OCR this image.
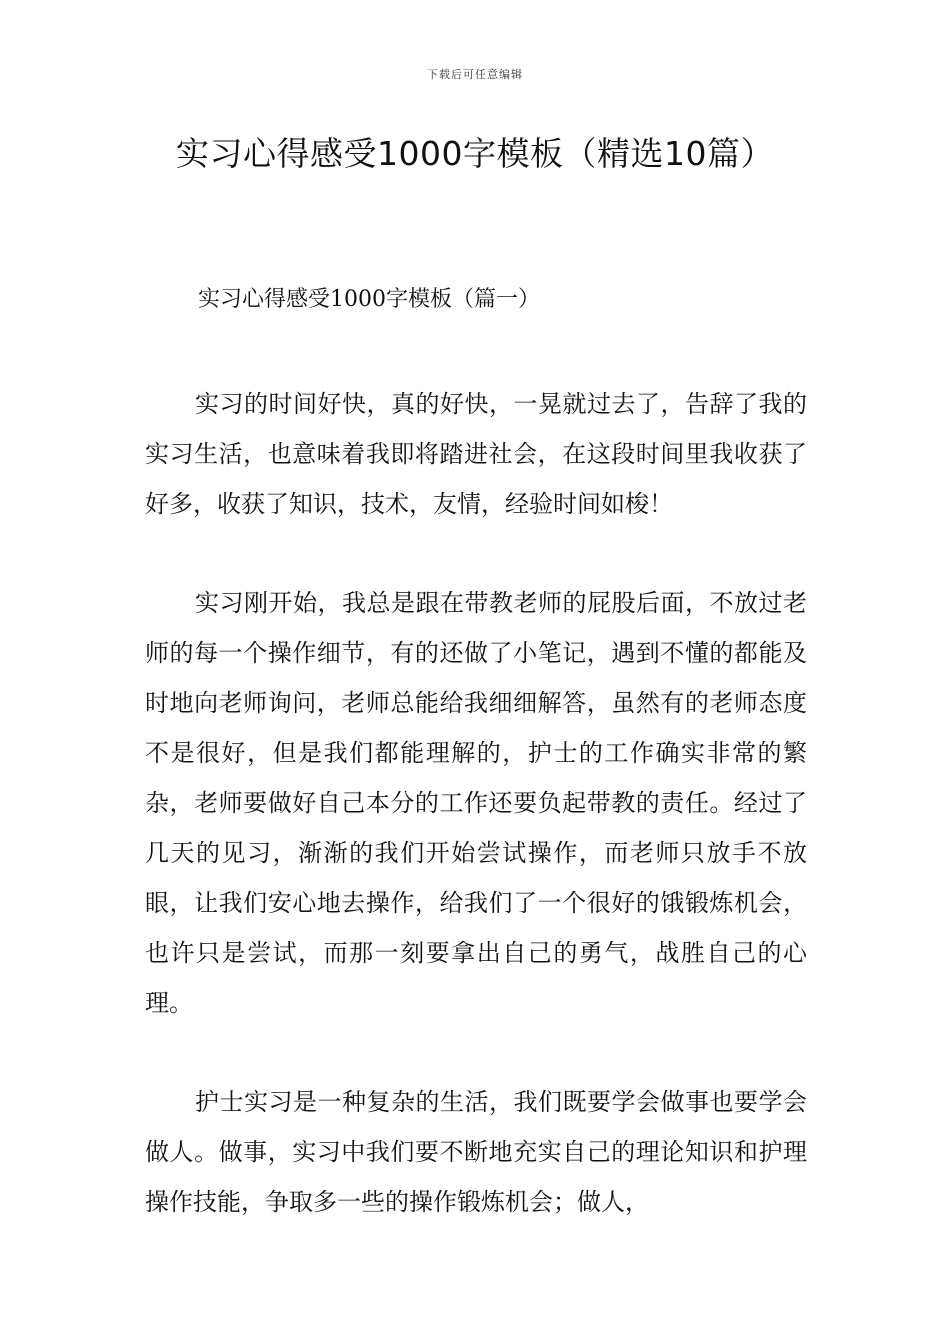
下载后可任意编辑
实习心得感受1000字模板（精选10篇）

实习心得感受1000字模板（篇一）

实习的时间好快，真的好快，一晃就过去了，告辞了我的实习生活，也意味着我即将踏进社会，在这段时间里我收获了好多，收获了知识，技术，友情，经验时间如梭！

实习刚开始，我总是跟在带教老师的屁股后面，不放过老师的每一个操作细节，有的还做了小笔记，遇到不懂的都能及时地向老师询问，老师总能给我细细解答，虽然有的老师态度不是很好，但是我们都能理解的，护士的工作确实非常的繁杂，老师要做好自己本分的工作还要负起带教的责任。经过了几天的见习，渐渐的我们开始尝试操作，而老师只放手不放眼，让我们安心地去操作，给我们了一个很好的饿锻炼机会，也许只是尝试，而那一刻要拿出自己的勇气，战胜自己的心理。

护士实习是一种复杂的生活，我们既要学会做事也要学会做人。做事，实习中我们要不断地充实自己的理论知识和护理操作技能，争取多一些的操作锻炼机会；做人，
